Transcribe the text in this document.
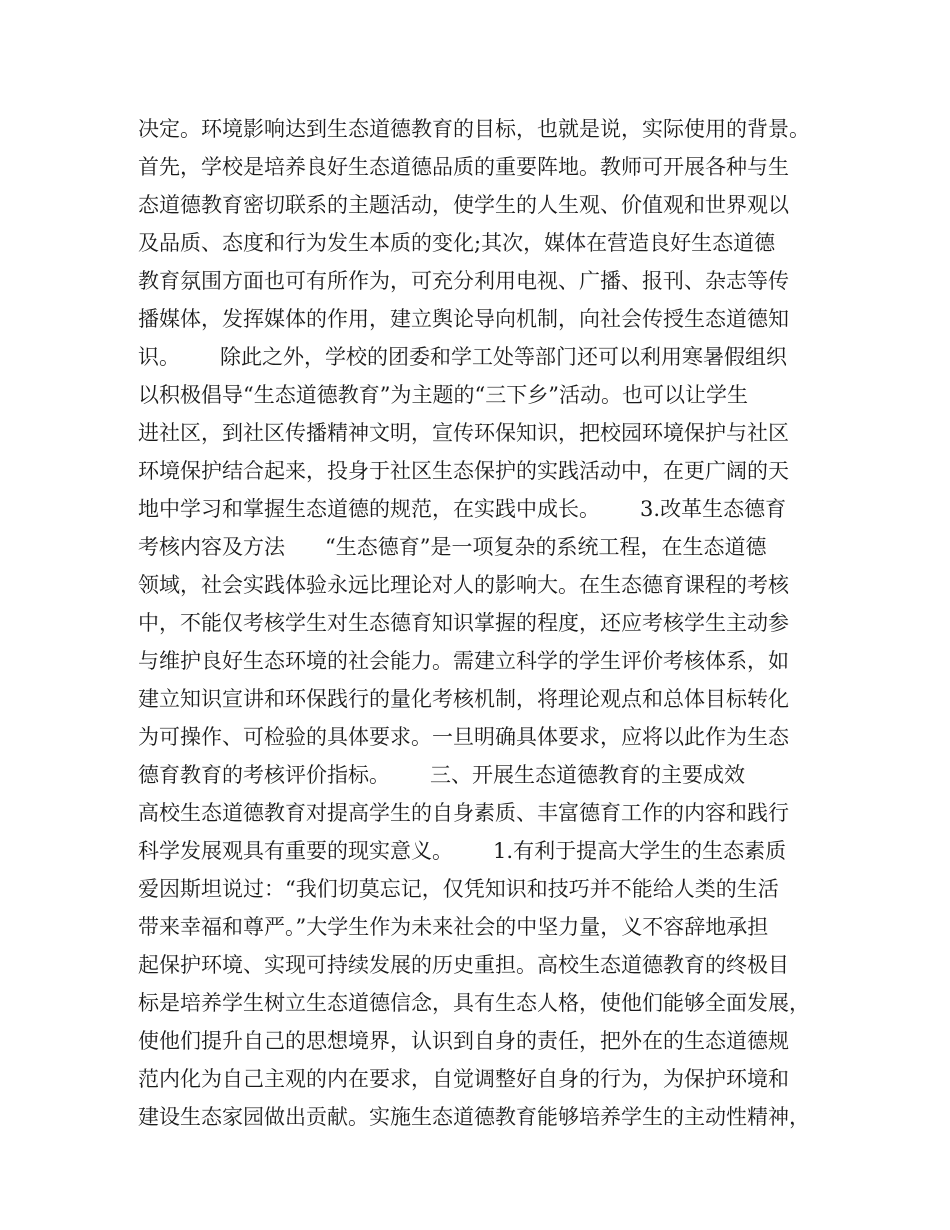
决定。环境影响达到生态道德教育的目标，也就是说，实际使用的背景。
首先，学校是培养良好生态道德品质的重要阵地。教师可开展各种与生
态道德教育密切联系的主题活动，使学生的人生观、价值观和世界观以
及品质、态度和行为发生本质的变化;其次，媒体在营造良好生态道德
教育氛围方面也可有所作为，可充分利用电视、广播、报刊、杂志等传
播媒体，发挥媒体的作用，建立舆论导向机制，向社会传授生态道德知
识。      除此之外，学校的团委和学工处等部门还可以利用寒暑假组织
以积极倡导“生态道德教育”为主题的“三下乡”活动。也可以让学生
进社区，到社区传播精神文明，宣传环保知识，把校园环境保护与社区
环境保护结合起来，投身于社区生态保护的实践活动中，在更广阔的天
地中学习和掌握生态道德的规范，在实践中成长。      3.改革生态德育
考核内容及方法      “生态德育”是一项复杂的系统工程，在生态道德
领域，社会实践体验永远比理论对人的影响大。在生态德育课程的考核
中，不能仅考核学生对生态德育知识掌握的程度，还应考核学生主动参
与维护良好生态环境的社会能力。需建立科学的学生评价考核体系，如
建立知识宣讲和环保践行的量化考核机制，将理论观点和总体目标转化
为可操作、可检验的具体要求。一旦明确具体要求，应将以此作为生态
德育教育的考核评价指标。      三、开展生态道德教育的主要成效
高校生态道德教育对提高学生的自身素质、丰富德育工作的内容和践行
科学发展观具有重要的现实意义。      1.有利于提高大学生的生态素质
爱因斯坦说过：“我们切莫忘记，仅凭知识和技巧并不能给人类的生活
带来幸福和尊严。”大学生作为未来社会的中坚力量，义不容辞地承担
起保护环境、实现可持续发展的历史重担。高校生态道德教育的终极目
标是培养学生树立生态道德信念，具有生态人格，使他们能够全面发展，
使他们提升自己的思想境界，认识到自身的责任，把外在的生态道德规
范内化为自己主观的内在要求，自觉调整好自身的行为，为保护环境和
建设生态家园做出贡献。实施生态道德教育能够培养学生的主动性精神，
